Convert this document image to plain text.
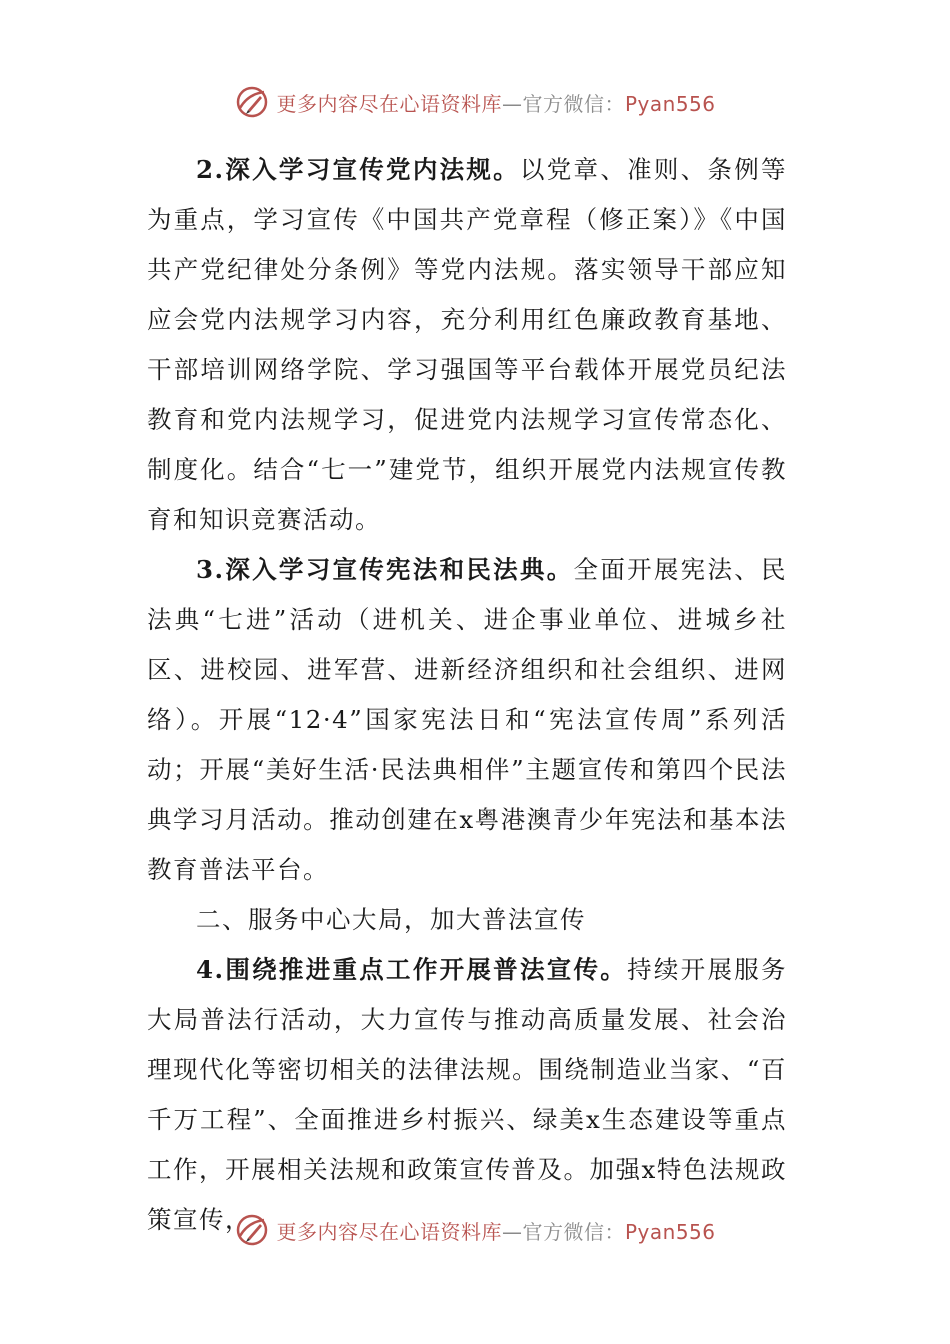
更多内容尽在心语资料库—官方微信：Pyan556

2.深入学习宣传党内法规。以党章、准则、条例等为重点，学习宣传《中国共产党章程（修正案）》《中国共产党纪律处分条例》等党内法规。落实领导干部应知应会党内法规学习内容，充分利用红色廉政教育基地、干部培训网络学院、学习强国等平台载体开展党员纪法教育和党内法规学习，促进党内法规学习宣传常态化、制度化。结合“七一”建党节，组织开展党内法规宣传教育和知识竞赛活动。

3.深入学习宣传宪法和民法典。全面开展宪法、民法典“七进”活动（进机关、进企事业单位、进城乡社区、进校园、进军营、进新经济组织和社会组织、进网络）。开展“12·4”国家宪法日和“宪法宣传周”系列活动；开展“美好生活·民法典相伴”主题宣传和第四个民法典学习月活动。推动创建在x粤港澳青少年宪法和基本法教育普法平台。

二、服务中心大局，加大普法宣传

4.围绕推进重点工作开展普法宣传。持续开展服务大局普法行活动，大力宣传与推动高质量发展、社会治理现代化等密切相关的法律法规。围绕制造业当家、“百千万工程”、全面推进乡村振兴、绿美x生态建设等重点工作，开展相关法规和政策宣传普及。加强x特色法规政策宣传，	更多内容尽在心语资料库—官方微信：Pyan556
